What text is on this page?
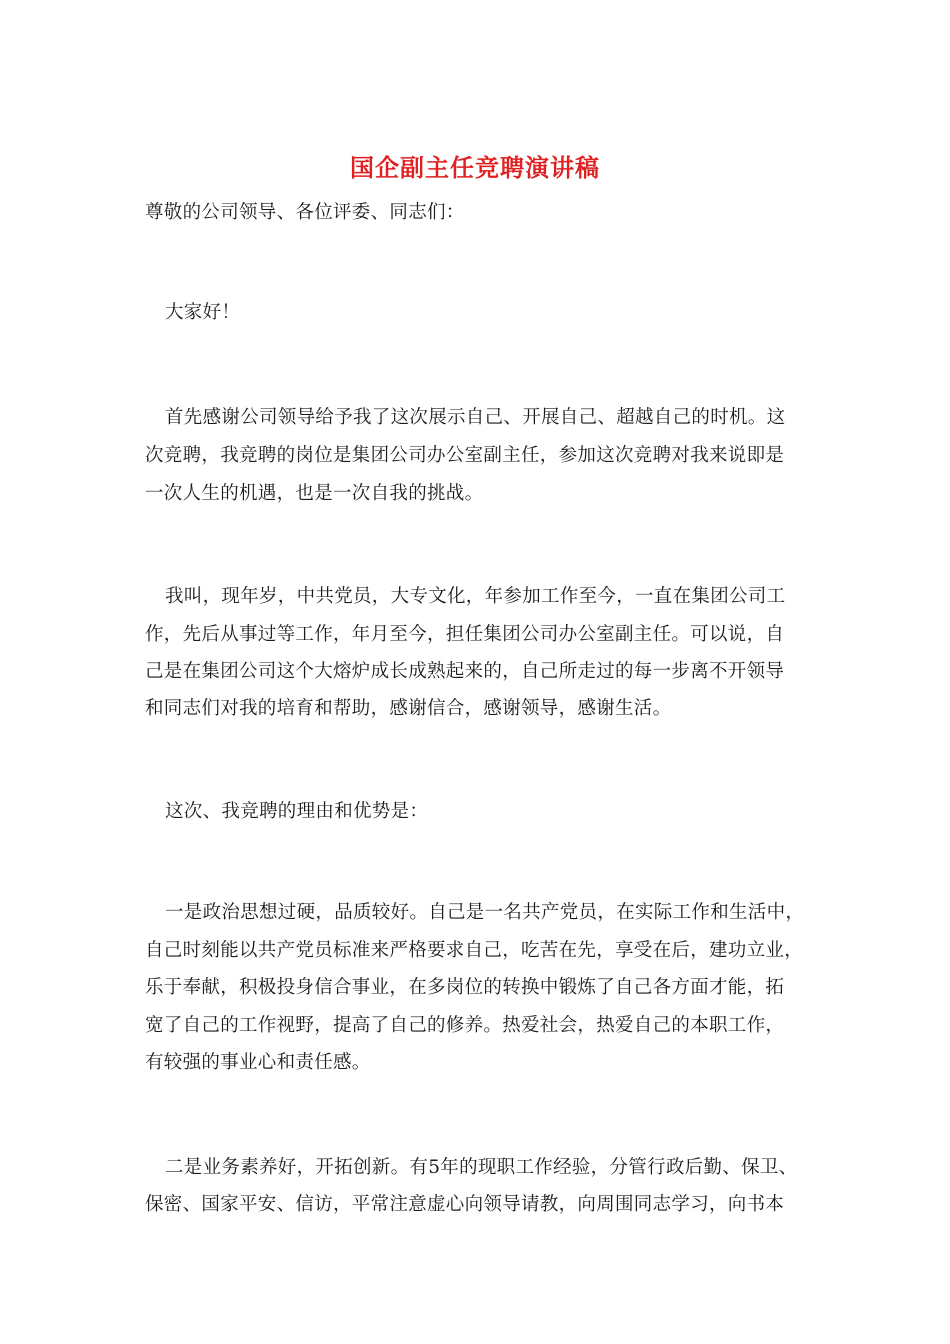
国企副主任竞聘演讲稿
尊敬的公司领导、各位评委、同志们：
大家好！
首先感谢公司领导给予我了这次展示自己、开展自己、超越自己的时机。这
次竞聘，我竞聘的岗位是集团公司办公室副主任，参加这次竞聘对我来说即是
一次人生的机遇，也是一次自我的挑战。
我叫，现年岁，中共党员，大专文化，年参加工作至今，一直在集团公司工
作，先后从事过等工作，年月至今，担任集团公司办公室副主任。可以说，自
己是在集团公司这个大熔炉成长成熟起来的，自己所走过的每一步离不开领导
和同志们对我的培育和帮助，感谢信合，感谢领导，感谢生活。
这次、我竞聘的理由和优势是：
一是政治思想过硬，品质较好。自己是一名共产党员，在实际工作和生活中，
自己时刻能以共产党员标准来严格要求自己，吃苦在先，享受在后，建功立业，
乐于奉献，积极投身信合事业，在多岗位的转换中锻炼了自己各方面才能，拓
宽了自己的工作视野，提高了自己的修养。热爱社会，热爱自己的本职工作，
有较强的事业心和责任感。
二是业务素养好，开拓创新。有5年的现职工作经验，分管行政后勤、保卫、
保密、国家平安、信访，平常注意虚心向领导请教，向周围同志学习，向书本
